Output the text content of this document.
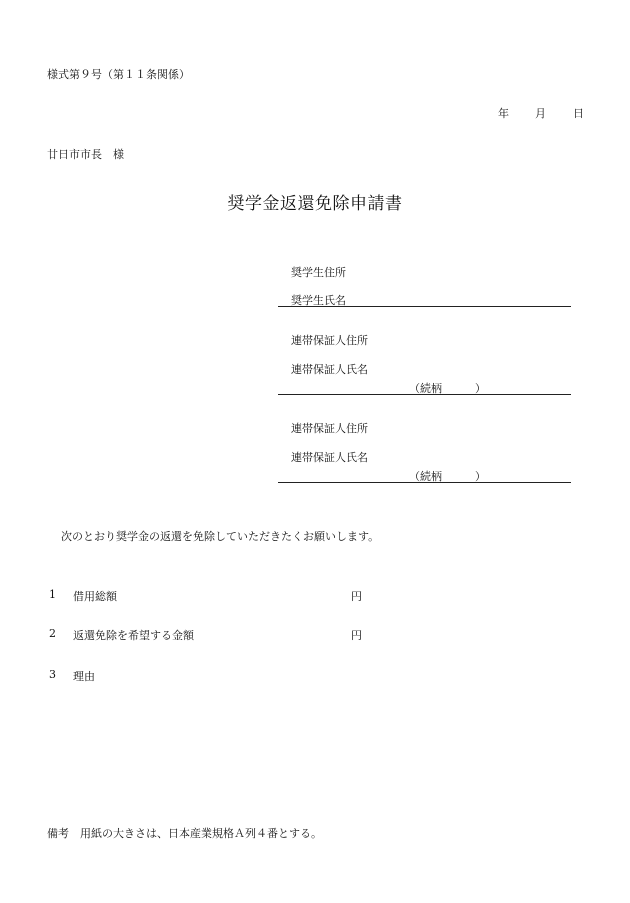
様式第９号（第１１条関係）
年 月 日
廿日市市長　様
奨学金返還免除申請書
奨学生住所
奨学生氏名
連帯保証人住所
連帯保証人氏名
（続柄　　　）
連帯保証人住所
連帯保証人氏名
（続柄　　　）
次のとおり奨学金の返還を免除していただきたくお願いします。
1 借用総額	円
2 返還免除を希望する金額	円
3 理由
備考　用紙の大きさは、日本産業規格Ａ列４番とする。
